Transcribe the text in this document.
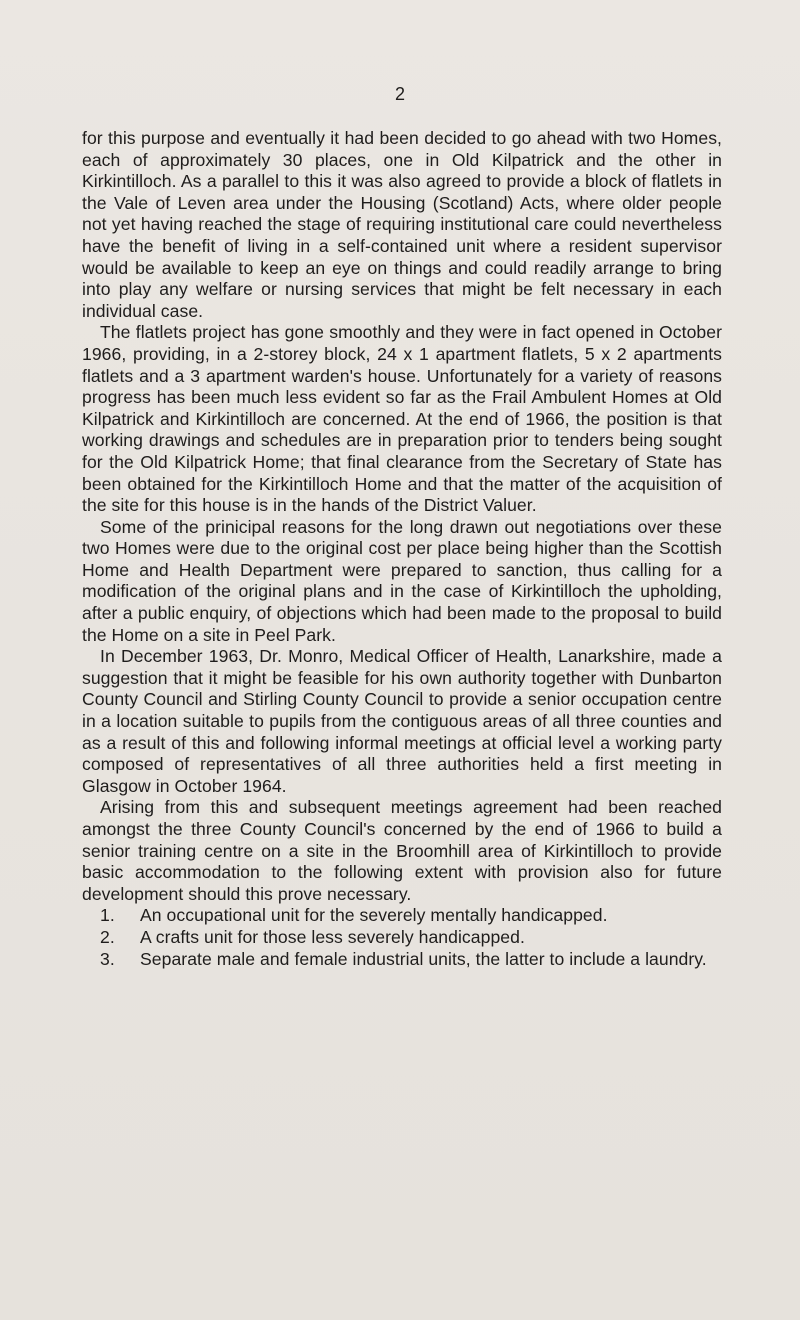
2

for this purpose and eventually it had been decided to go ahead with two Homes, each of approximately 30 places, one in Old Kilpatrick and the other in Kirkintilloch. As a parallel to this it was also agreed to provide a block of flatlets in the Vale of Leven area under the Housing (Scotland) Acts, where older people not yet having reached the stage of requiring institutional care could nevertheless have the benefit of living in a self-contained unit where a resident supervisor would be available to keep an eye on things and could readily arrange to bring into play any welfare or nursing services that might be felt necessary in each individual case.

The flatlets project has gone smoothly and they were in fact opened in October 1966, providing, in a 2-storey block, 24 x 1 apartment flatlets, 5 x 2 apartments flatlets and a 3 apartment warden's house. Unfortunately for a variety of reasons progress has been much less evident so far as the Frail Ambulent Homes at Old Kilpatrick and Kirkintilloch are concerned. At the end of 1966, the position is that working drawings and schedules are in preparation prior to tenders being sought for the Old Kilpatrick Home; that final clearance from the Secretary of State has been obtained for the Kirkintilloch Home and that the matter of the acquisition of the site for this house is in the hands of the District Valuer.

Some of the prinicipal reasons for the long drawn out negotiations over these two Homes were due to the original cost per place being higher than the Scottish Home and Health Department were prepared to sanction, thus calling for a modification of the original plans and in the case of Kirkintilloch the upholding, after a public enquiry, of objections which had been made to the proposal to build the Home on a site in Peel Park.

In December 1963, Dr. Monro, Medical Officer of Health, Lanarkshire, made a suggestion that it might be feasible for his own authority together with Dunbarton County Council and Stirling County Council to provide a senior occupation centre in a location suitable to pupils from the contiguous areas of all three counties and as a result of this and following informal meetings at official level a working party composed of representatives of all three authorities held a first meeting in Glasgow in October 1964.

Arising from this and subsequent meetings agreement had been reached amongst the three County Council's concerned by the end of 1966 to build a senior training centre on a site in the Broomhill area of Kirkintilloch to provide basic accommodation to the following extent with provision also for future development should this prove necessary.

1. An occupational unit for the severely mentally handicapped.
2. A crafts unit for those less severely handicapped.
3. Separate male and female industrial units, the latter to include a laundry.
